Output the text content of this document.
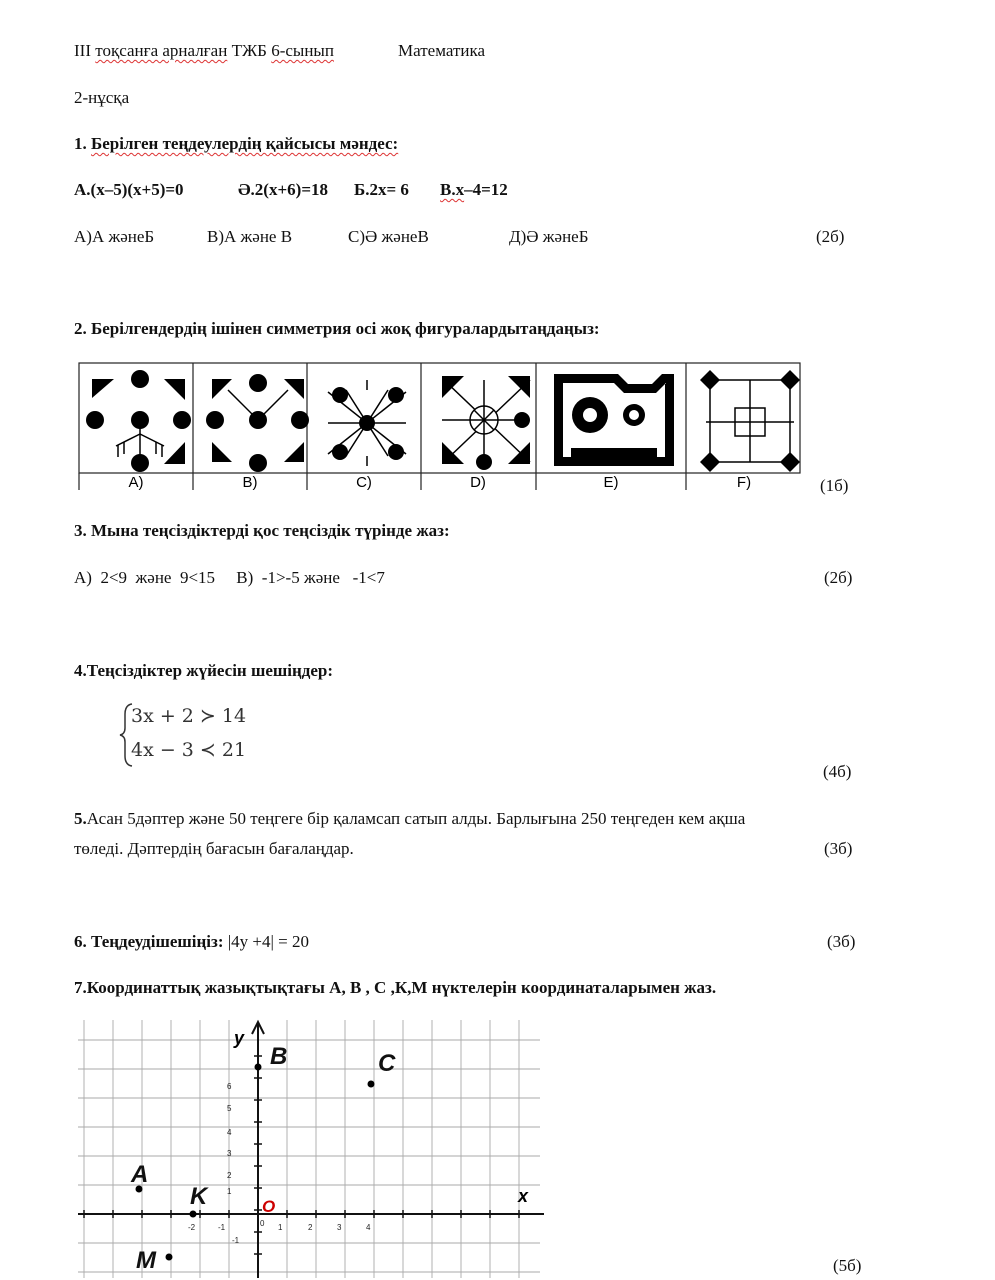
III тоқсанға арналған ТЖБ 6-сынып	Математика
2-нұсқа
1. Берілген теңдеулердің қайсысы мәндес:
А.(х–5)(х+5)=0	Ә.2(х+6)=18 Б.2х= 6 В.х–4=12
А)А жәнеБ	В)А және В	С)Ә жәнеВ	Д)Ә жәнеБ	(2б)
2. Берілгендердің ішінен симметрия осі жоқ фигуралардытаңдаңыз:
A)	B)	C)	D)	E)	F)	(1б)
3. Мына теңсіздіктерді қос теңсіздік түрінде жаз:
А)  2<9  және  9<15     В)  -1>-5 және   -1<7	(2б)
4.Теңсіздіктер жүйесін шешіңдер:
3x + 2 ≻ 14
4x − 3 ≺ 21
(4б)
5.Асан 5дәптер және 50 теңгеге бір қаламсап сатып алды. Барлығына 250 теңгеден кем ақша
төледі. Дәптердің бағасын бағалаңдар.	(3б)
6. Теңдеудішешіңіз: |4у +4| = 20	(3б)
7.Координаттық жазықтықтағы А, В , С ,К,М нүктелерін координаталарымен жаз.
(5б)
y
x
O
-2	-1	0 1	2	3	4
1
2
3
4
5
6
-1
A
B	C
K
M
